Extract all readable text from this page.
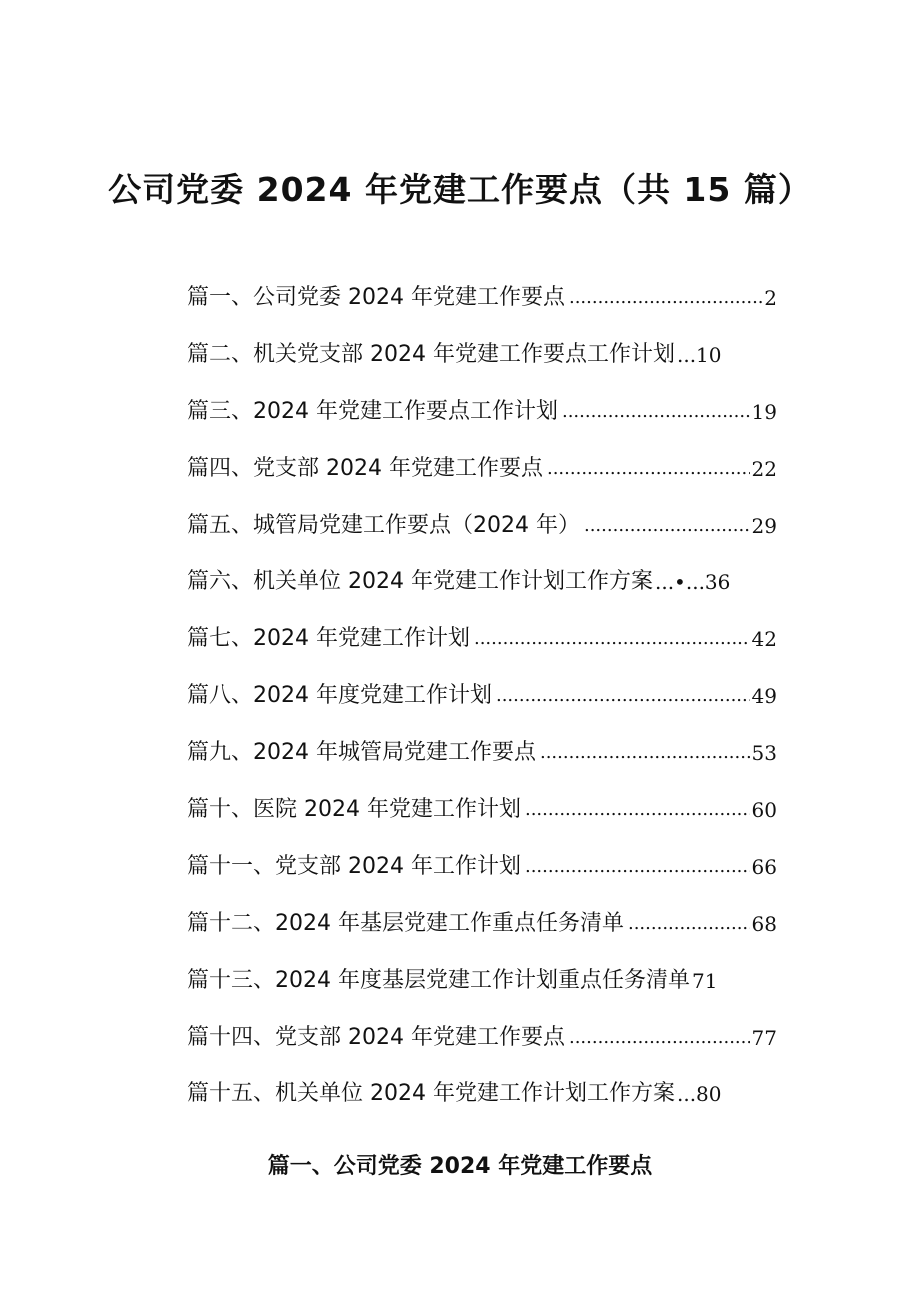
公司党委 2024 年党建工作要点（共 15 篇）
篇一、公司党委 2024 年党建工作要点 .....	2
篇二、机关党支部 2024 年党建工作要点工作计划 ...10
篇三、2024 年党建工作要点工作计划 .....	19
篇四、党支部 2024 年党建工作要点 .....	22
篇五、城管局党建工作要点（2024 年） .....	29
篇六、机关单位 2024 年党建工作计划工作方案 ...•...36
篇七、2024 年党建工作计划 .....	42
篇八、2024 年度党建工作计划 .....	49
篇九、2024 年城管局党建工作要点 .....	53
篇十、医院 2024 年党建工作计划 .....	60
篇十一、党支部 2024 年工作计划 .....	66
篇十二、2024 年基层党建工作重点任务清单 .....	68
篇十三、2024 年度基层党建工作计划重点任务清单 71
篇十四、党支部 2024 年党建工作要点 .....	77
篇十五、机关单位 2024 年党建工作计划工作方案 ...80
篇一、公司党委 2024 年党建工作要点
